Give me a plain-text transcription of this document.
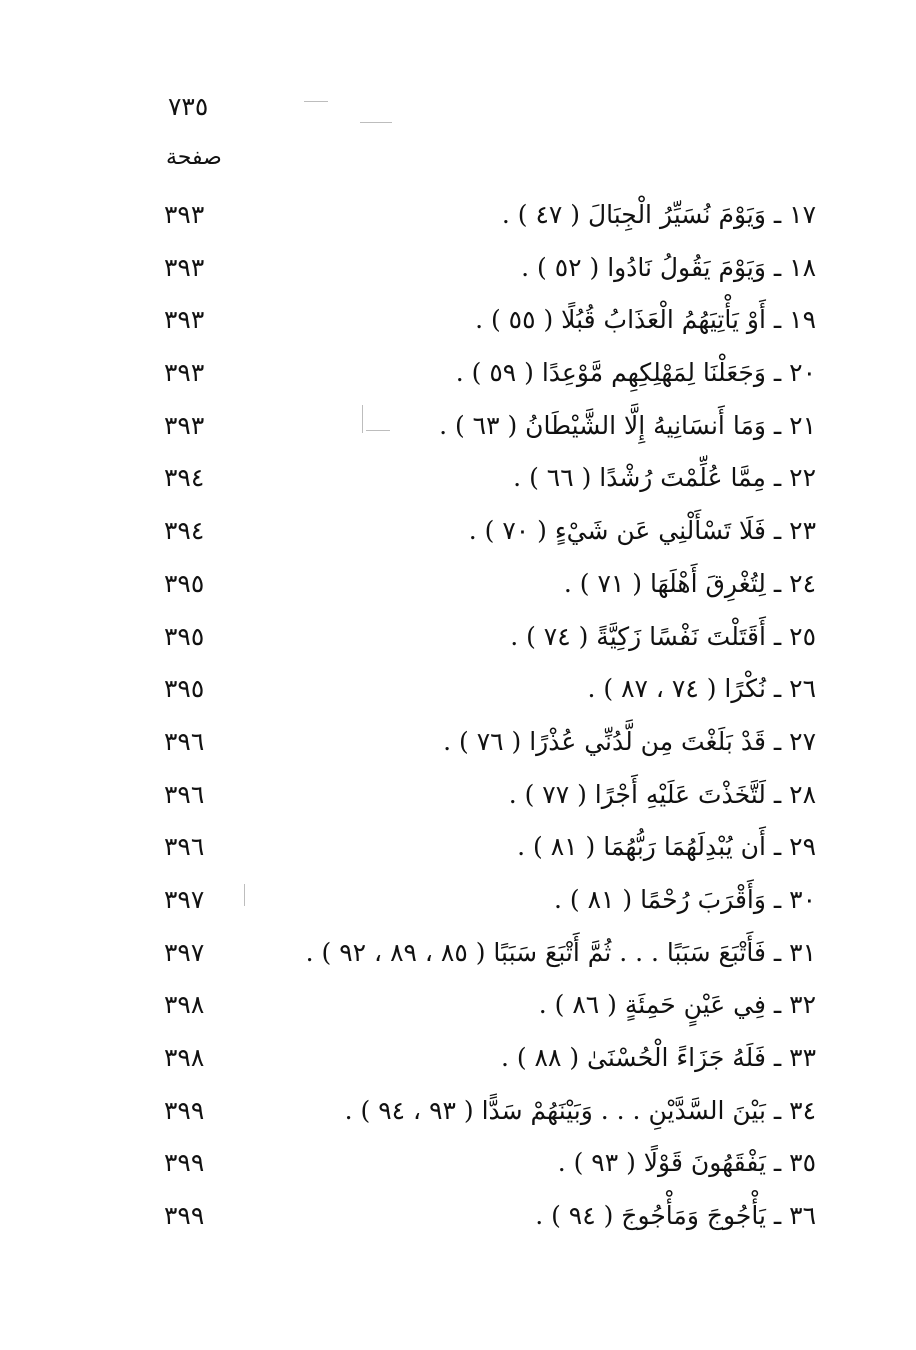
٧٣٥
صفحة
١٧ ـ وَيَوْمَ نُسَيِّرُ الْجِبَالَ ( ٤٧ ) .
٣٩٣
١٨ ـ وَيَوْمَ يَقُولُ نَادُوا ( ٥٢ ) .
٣٩٣
١٩ ـ أَوْ يَأْتِيَهُمُ الْعَذَابُ قُبُلًا ( ٥٥ ) .
٣٩٣
٢٠ ـ وَجَعَلْنَا لِمَهْلِكِهِم مَّوْعِدًا ( ٥٩ ) .
٣٩٣
٢١ ـ وَمَا أَنسَانِيهُ إِلَّا الشَّيْطَانُ ( ٦٣ ) .
٣٩٣
٢٢ ـ مِمَّا عُلِّمْتَ رُشْدًا ( ٦٦ ) .
٣٩٤
٢٣ ـ فَلَا تَسْأَلْنِي عَن شَيْءٍ ( ٧٠ ) .
٣٩٤
٢٤ ـ لِتُغْرِقَ أَهْلَهَا ( ٧١ ) .
٣٩٥
٢٥ ـ أَقَتَلْتَ نَفْسًا زَكِيَّةً ( ٧٤ ) .
٣٩٥
٢٦ ـ نُكْرًا ( ٧٤ ، ٨٧ ) .
٣٩٥
٢٧ ـ قَدْ بَلَغْتَ مِن لَّدُنِّي عُذْرًا ( ٧٦ ) .
٣٩٦
٢٨ ـ لَتَّخَذْتَ عَلَيْهِ أَجْرًا ( ٧٧ ) .
٣٩٦
٢٩ ـ أَن يُبْدِلَهُمَا رَبُّهُمَا ( ٨١ ) .
٣٩٦
٣٠ ـ وَأَقْرَبَ رُحْمًا ( ٨١ ) .
٣٩٧
٣١ ـ فَأَتْبَعَ سَبَبًا . . . ثُمَّ أَتْبَعَ سَبَبًا ( ٨٥ ، ٨٩ ، ٩٢ ) .
٣٩٧
٣٢ ـ فِي عَيْنٍ حَمِئَةٍ ( ٨٦ ) .
٣٩٨
٣٣ ـ فَلَهُ جَزَاءً الْحُسْنَىٰ ( ٨٨ ) .
٣٩٨
٣٤ ـ بَيْنَ السَّدَّيْنِ . . . وَبَيْنَهُمْ سَدًّا ( ٩٣ ، ٩٤ ) .
٣٩٩
٣٥ ـ يَفْقَهُونَ قَوْلًا ( ٩٣ ) .
٣٩٩
٣٦ ـ يَأْجُوجَ وَمَأْجُوجَ ( ٩٤ ) .
٣٩٩
